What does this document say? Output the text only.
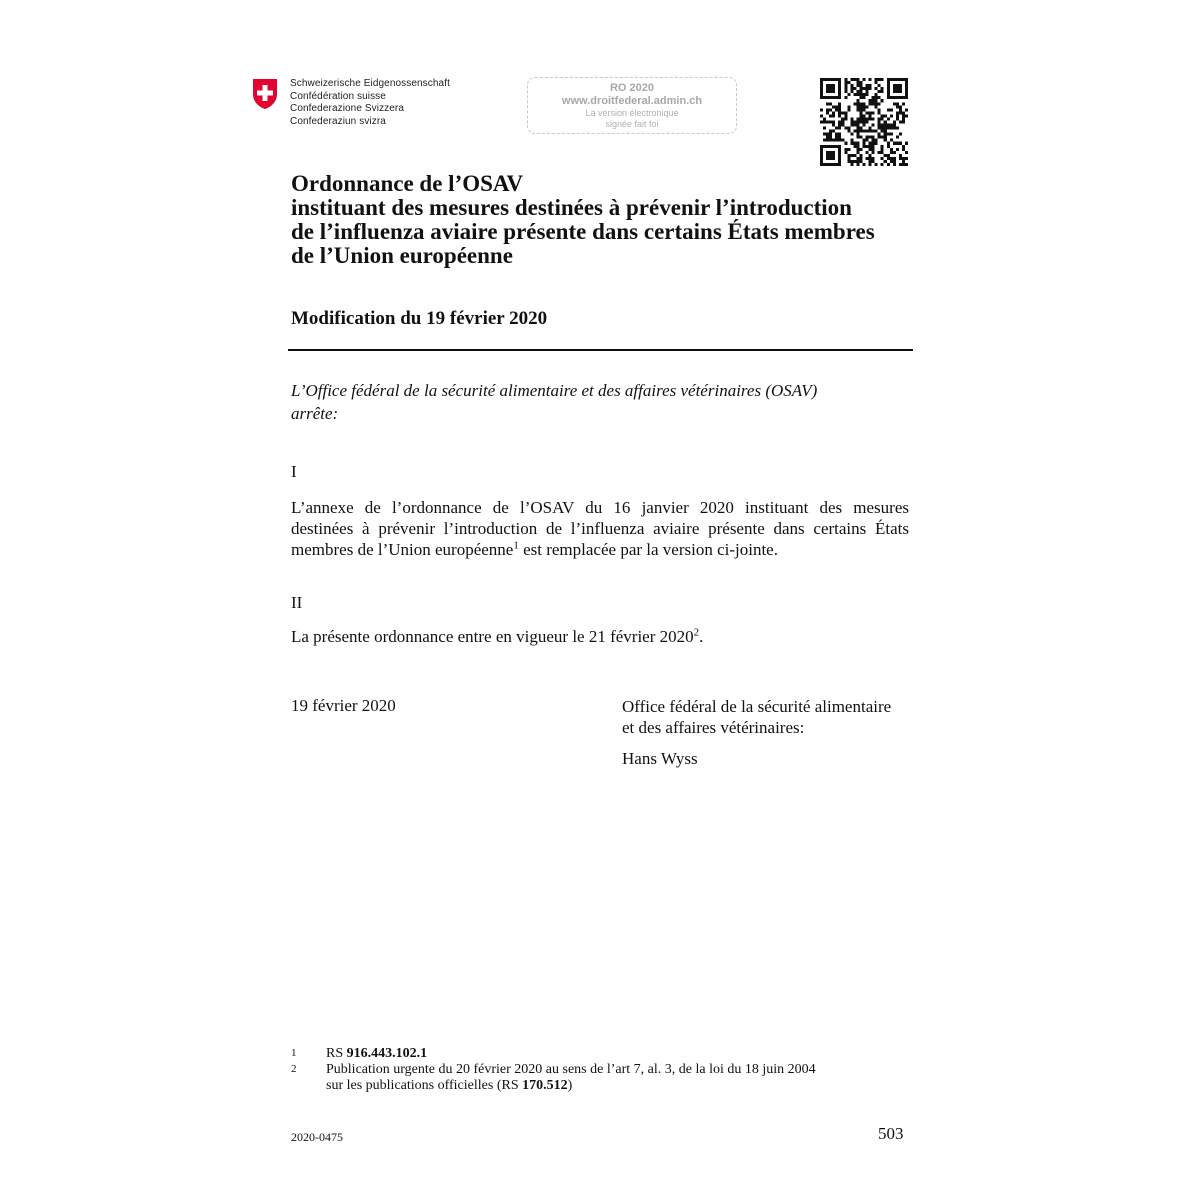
Schweizerische Eidgenossenschaft
Confédération suisse
Confederazione Svizzera
Confederaziun svizra
RO 2020
www.droitfederal.admin.ch
La version électronique
signée fait foi
Ordonnance de l’OSAV
instituant des mesures destinées à prévenir l’introduction
de l’influenza aviaire présente dans certains États membres
de l’Union européenne
Modification du 19 février 2020
L’Office fédéral de la sécurité alimentaire et des affaires vétérinaires (OSAV)
arrête:
I
L’annexe de l’ordonnance de l’OSAV du 16 janvier 2020 instituant des mesures
destinées à prévenir l’introduction de l’influenza aviaire présente dans certains États
membres de l’Union européenne$^1$ est remplacée par la version ci-jointe.
II
La présente ordonnance entre en vigueur le 21 février 2020$^2$.
19 février 2020	Office fédéral de la sécurité alimentaire
et des affaires vétérinaires:
Hans Wyss
1 RS 916.443.102.1
2 Publication urgente du 20 février 2020 au sens de l’art 7, al. 3, de la loi du 18 juin 2004
sur les publications officielles (RS 170.512)
2020-0475	503
